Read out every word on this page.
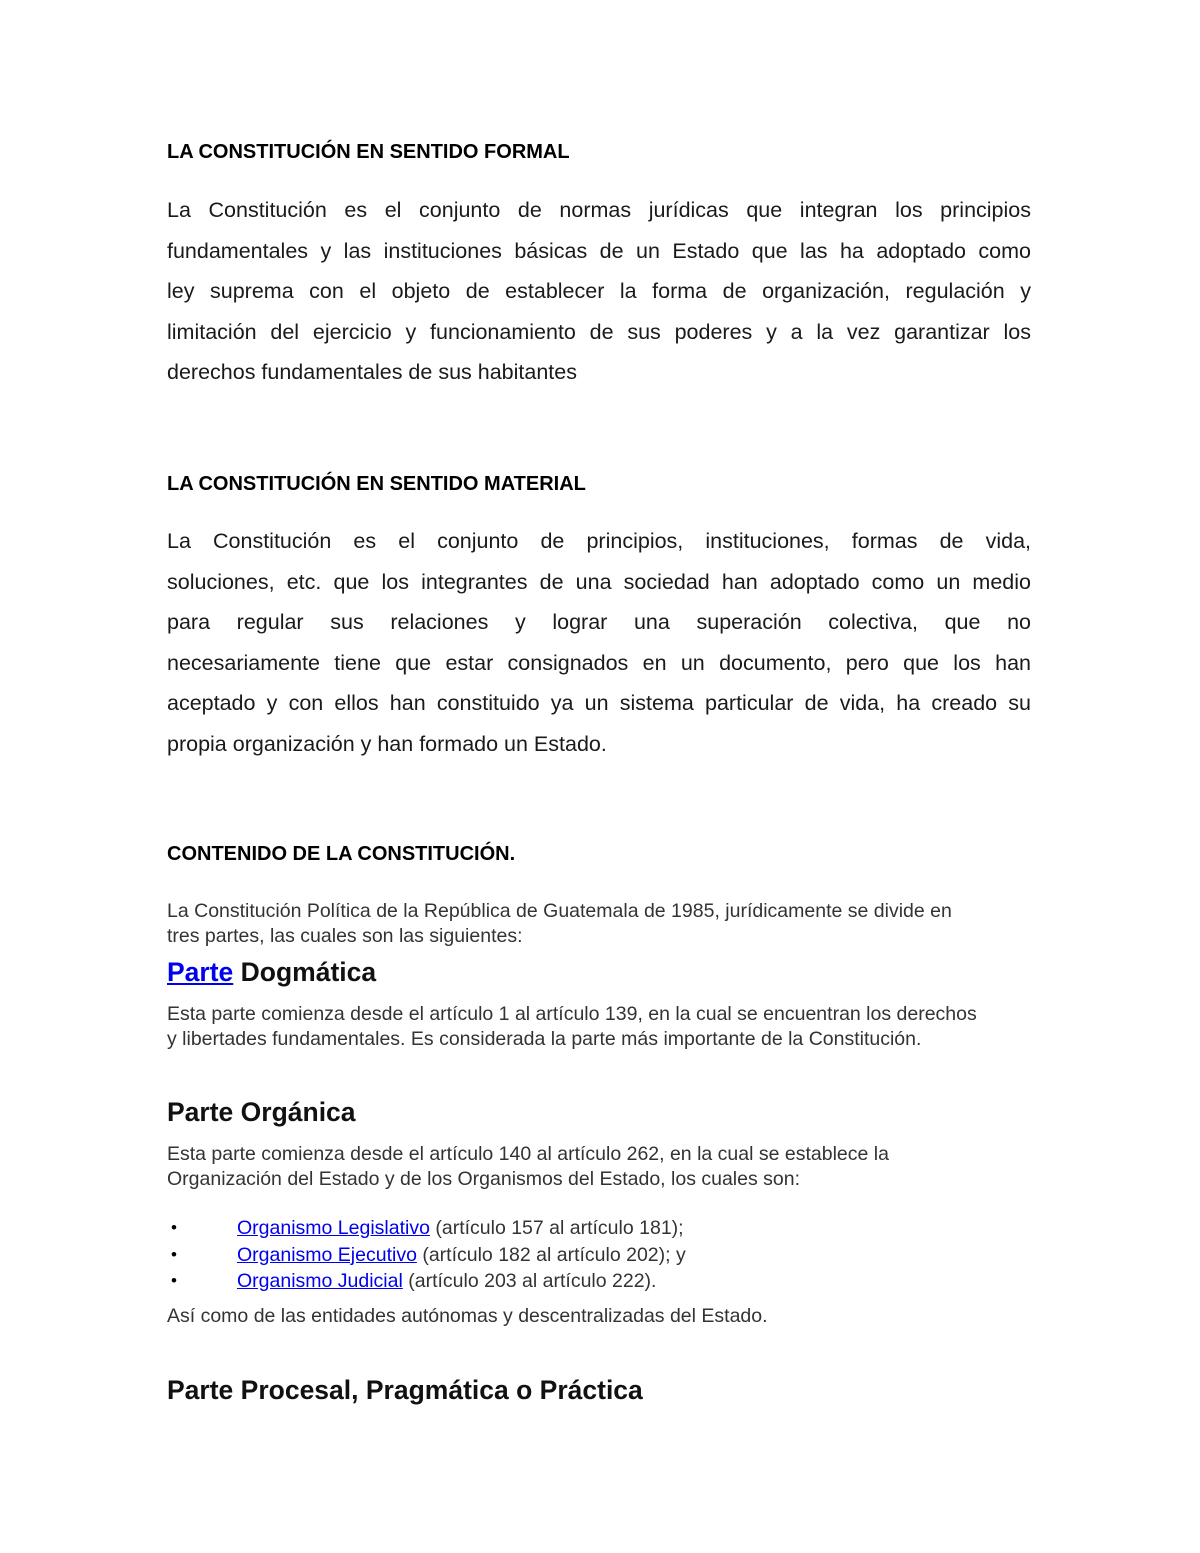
LA CONSTITUCIÓN EN SENTIDO FORMAL
La Constitución es el conjunto de normas jurídicas que integran los principios
fundamentales y las instituciones básicas de un Estado que las ha adoptado como
ley suprema con el objeto de establecer la forma de organización, regulación y
limitación del ejercicio y funcionamiento de sus poderes y a la vez garantizar los
derechos fundamentales de sus habitantes
LA CONSTITUCIÓN EN SENTIDO MATERIAL
La Constitución es el conjunto de principios, instituciones, formas de vida,
soluciones, etc. que los integrantes de una sociedad han adoptado como un medio
para regular sus relaciones y lograr una superación colectiva, que no
necesariamente tiene que estar consignados en un documento, pero que los han
aceptado y con ellos han constituido ya un sistema particular de vida, ha creado su
propia organización y han formado un Estado.
CONTENIDO DE LA CONSTITUCIÓN.
La Constitución Política de la República de Guatemala de 1985, jurídicamente se divide en
tres partes, las cuales son las siguientes:
Parte Dogmática
Esta parte comienza desde el artículo 1 al artículo 139, en la cual se encuentran los derechos
y libertades fundamentales. Es considerada la parte más importante de la Constitución.
Parte Orgánica
Esta parte comienza desde el artículo 140 al artículo 262, en la cual se establece la
Organización del Estado y de los Organismos del Estado, los cuales son:
•	Organismo Legislativo (artículo 157 al artículo 181);
•	Organismo Ejecutivo (artículo 182 al artículo 202); y
•	Organismo Judicial (artículo 203 al artículo 222).
Así como de las entidades autónomas y descentralizadas del Estado.
Parte Procesal, Pragmática o Práctica
